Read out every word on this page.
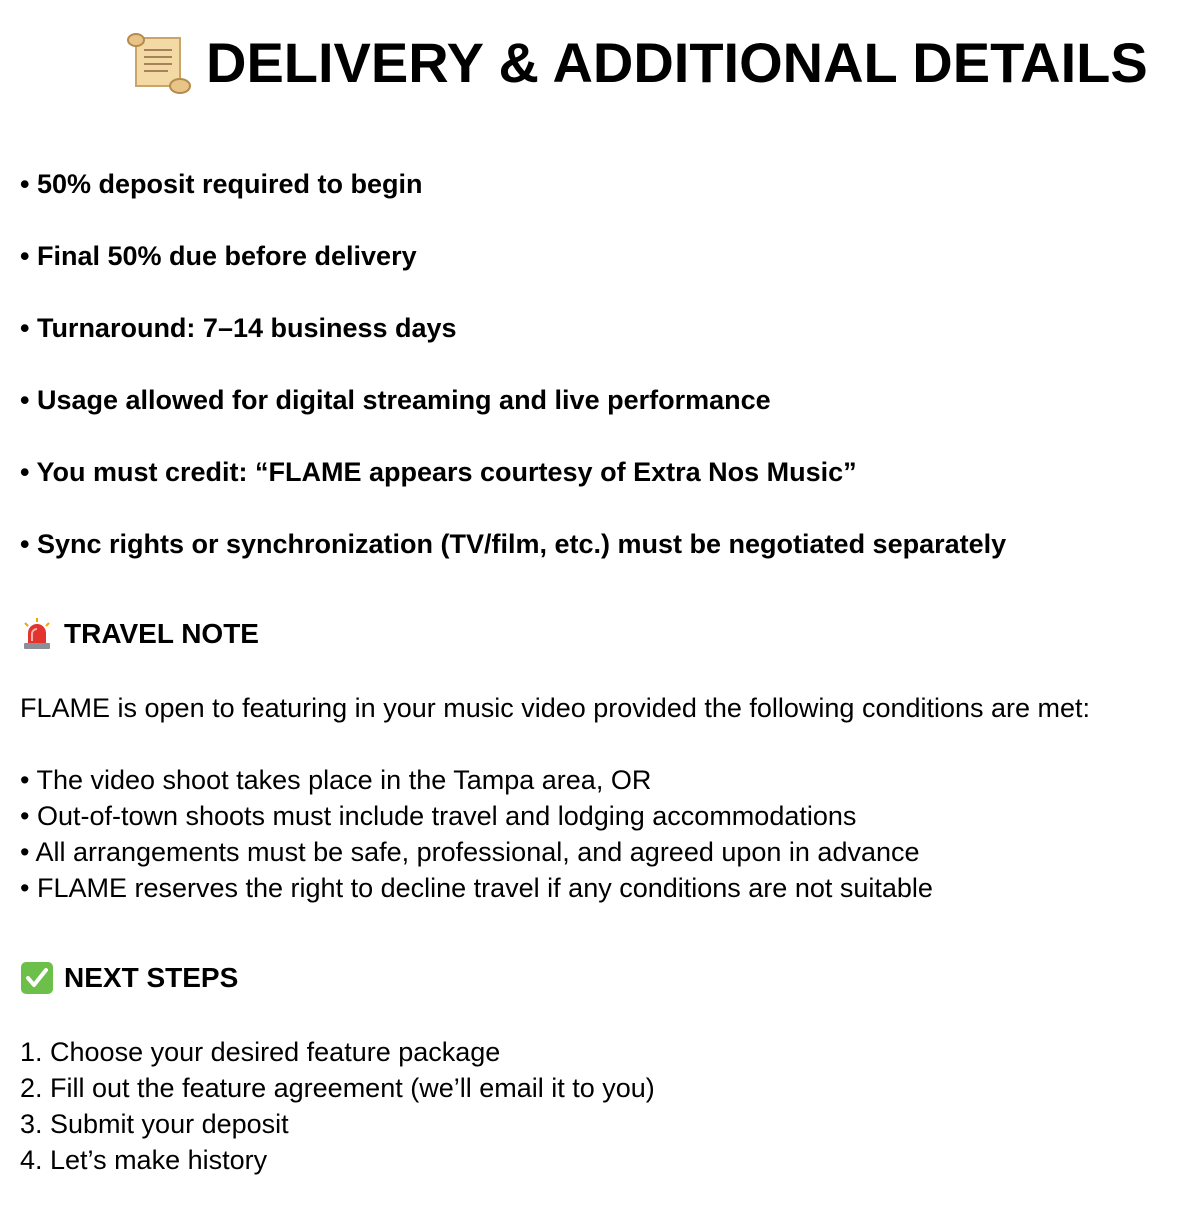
DELIVERY & ADDITIONAL DETAILS
• 50% deposit required to begin
• Final 50% due before delivery
• Turnaround: 7–14 business days
• Usage allowed for digital streaming and live performance
• You must credit: “FLAME appears courtesy of Extra Nos Music”
• Sync rights or synchronization (TV/film, etc.) must be negotiated separately
TRAVEL NOTE
FLAME is open to featuring in your music video provided the following conditions are met:
• The video shoot takes place in the Tampa area, OR
• Out-of-town shoots must include travel and lodging accommodations
• All arrangements must be safe, professional, and agreed upon in advance
• FLAME reserves the right to decline travel if any conditions are not suitable
NEXT STEPS
1. Choose your desired feature package
2. Fill out the feature agreement (we’ll email it to you)
3. Submit your deposit
4. Let’s make history
